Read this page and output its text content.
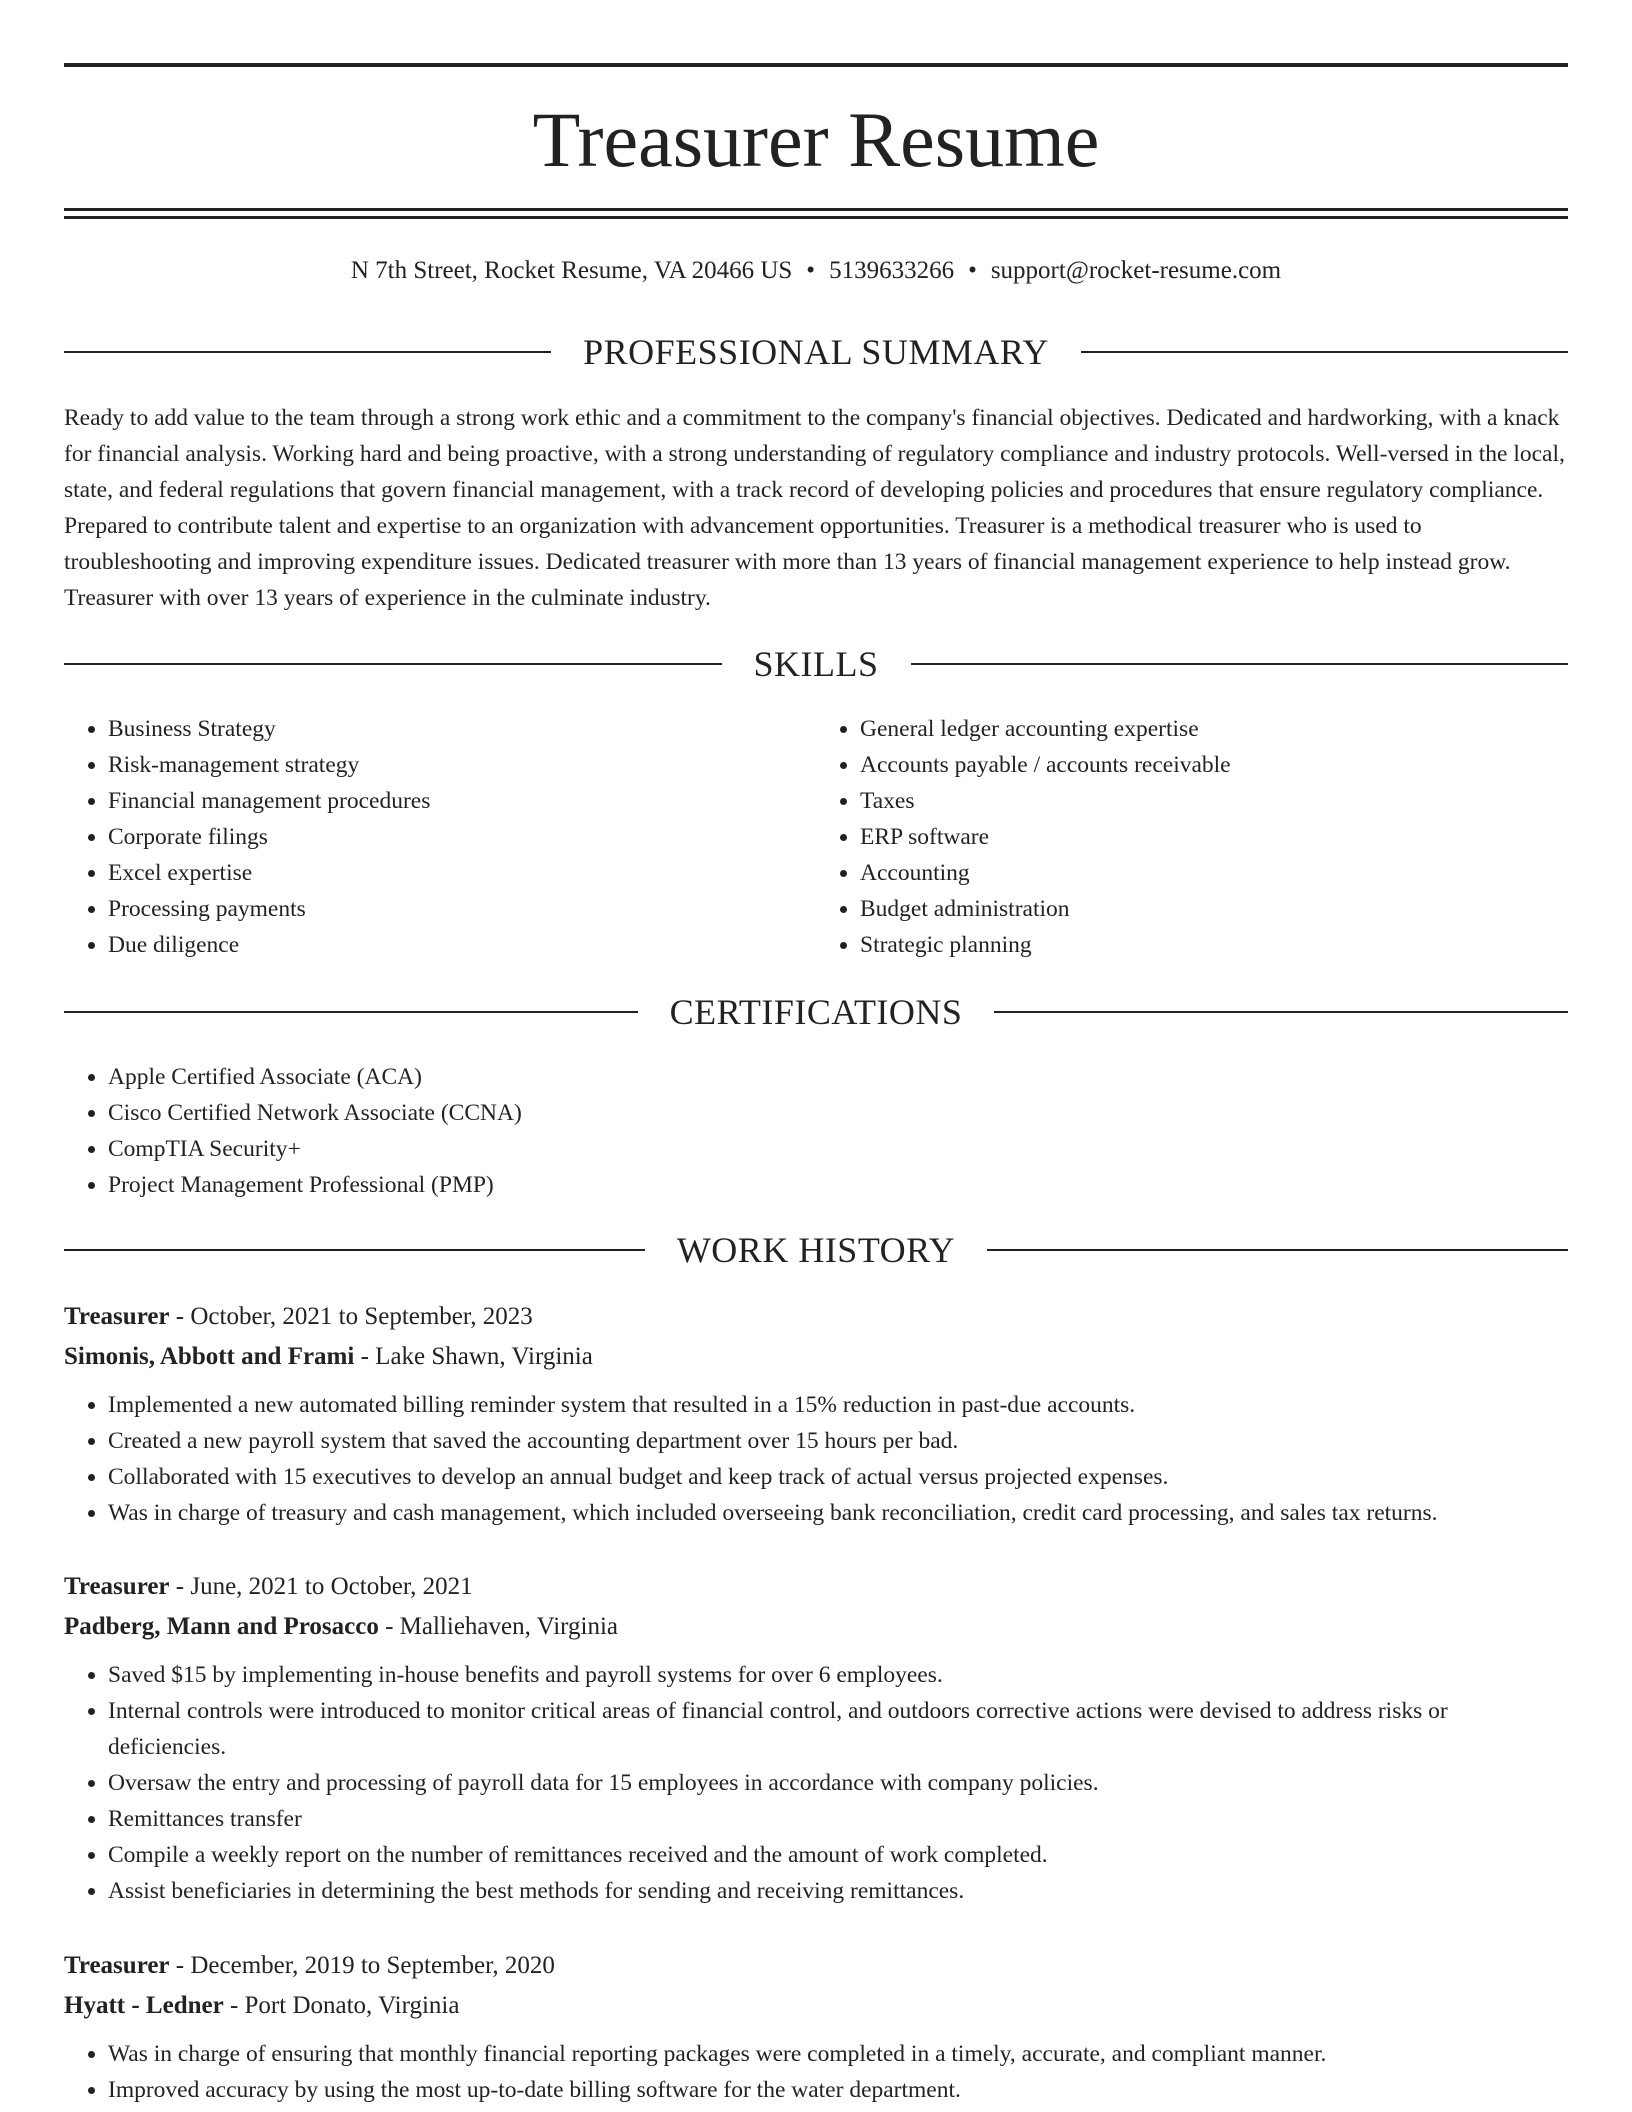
Treasurer Resume
N 7th Street, Rocket Resume, VA 20466 US • 5139633266 • support@rocket-resume.com
PROFESSIONAL SUMMARY

Ready to add value to the team through a strong work ethic and a commitment to the company's financial objectives. Dedicated and hardworking, with a knack for financial analysis. Working hard and being proactive, with a strong understanding of regulatory compliance and industry protocols. Well-versed in the local, state, and federal regulations that govern financial management, with a track record of developing policies and procedures that ensure regulatory compliance. Prepared to contribute talent and expertise to an organization with advancement opportunities. Treasurer is a methodical treasurer who is used to troubleshooting and improving expenditure issues. Dedicated treasurer with more than 13 years of financial management experience to help instead grow. Treasurer with over 13 years of experience in the culminate industry.

SKILLS
• Business Strategy
• Risk-management strategy
• Financial management procedures
• Corporate filings
• Excel expertise
• Processing payments
• Due diligence
• General ledger accounting expertise
• Accounts payable / accounts receivable
• Taxes
• ERP software
• Accounting
• Budget administration
• Strategic planning
CERTIFICATIONS
• Apple Certified Associate (ACA)
• Cisco Certified Network Associate (CCNA)
• CompTIA Security+
• Project Management Professional (PMP)
WORK HISTORY
Treasurer - October, 2021 to September, 2023
Simonis, Abbott and Frami - Lake Shawn, Virginia
• Implemented a new automated billing reminder system that resulted in a 15% reduction in past-due accounts.
• Created a new payroll system that saved the accounting department over 15 hours per bad.
• Collaborated with 15 executives to develop an annual budget and keep track of actual versus projected expenses.
• Was in charge of treasury and cash management, which included overseeing bank reconciliation, credit card processing, and sales tax returns.
Treasurer - June, 2021 to October, 2021
Padberg, Mann and Prosacco - Malliehaven, Virginia
• Saved $15 by implementing in-house benefits and payroll systems for over 6 employees.
• Internal controls were introduced to monitor critical areas of financial control, and outdoors corrective actions were devised to address risks or deficiencies.
• Oversaw the entry and processing of payroll data for 15 employees in accordance with company policies.
• Remittances transfer
• Compile a weekly report on the number of remittances received and the amount of work completed.
• Assist beneficiaries in determining the best methods for sending and receiving remittances.
Treasurer - December, 2019 to September, 2020
Hyatt - Ledner - Port Donato, Virginia
• Was in charge of ensuring that monthly financial reporting packages were completed in a timely, accurate, and compliant manner.
• Improved accuracy by using the most up-to-date billing software for the water department.
